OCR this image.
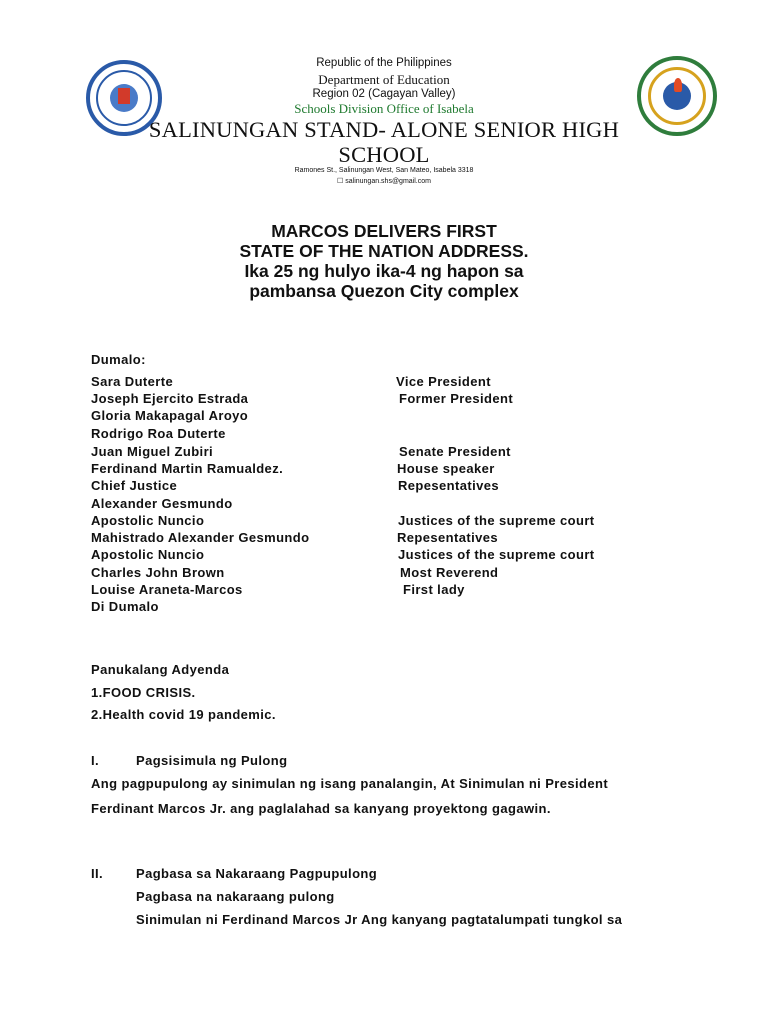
Republic of the Philippines
Department of Education
Region 02 (Cagayan Valley)
Schools Division Office of Isabela
SALINUNGAN STAND- ALONE SENIOR HIGH
SCHOOL
Ramones St., Salinungan West, San Mateo, Isabela 3318
☐ salinungan.shs@gmail.com
MARCOS DELIVERS FIRST
STATE OF THE NATION ADDRESS.
Ika 25 ng hulyo ika-4 ng hapon sa
pambansa Quezon City complex
Dumalo:
Sara Duterte	Vice President
Joseph Ejercito Estrada	Former President
Gloria Makapagal Aroyo
Rodrigo Roa Duterte
Juan Miguel Zubiri	Senate President
Ferdinand Martin Ramualdez.	House speaker
Chief Justice	Repesentatives
Alexander Gesmundo
Apostolic Nuncio	Justices of the supreme court
Mahistrado Alexander Gesmundo	Repesentatives
Apostolic Nuncio	Justices of the supreme court
Charles John Brown	Most Reverend
Louise Araneta-Marcos	First lady
Di Dumalo
Panukalang Adyenda
1.FOOD CRISIS.
2.Health covid 19 pandemic.
I.	Pagsisimula ng Pulong
Ang pagpupulong ay sinimulan ng isang panalangin, At Sinimulan ni President
Ferdinant Marcos Jr. ang paglalahad sa kanyang proyektong gagawin.
II.	Pagbasa sa Nakaraang Pagpupulong
Pagbasa na nakaraang pulong
Sinimulan ni Ferdinand Marcos Jr Ang kanyang pagtatalumpati tungkol sa
